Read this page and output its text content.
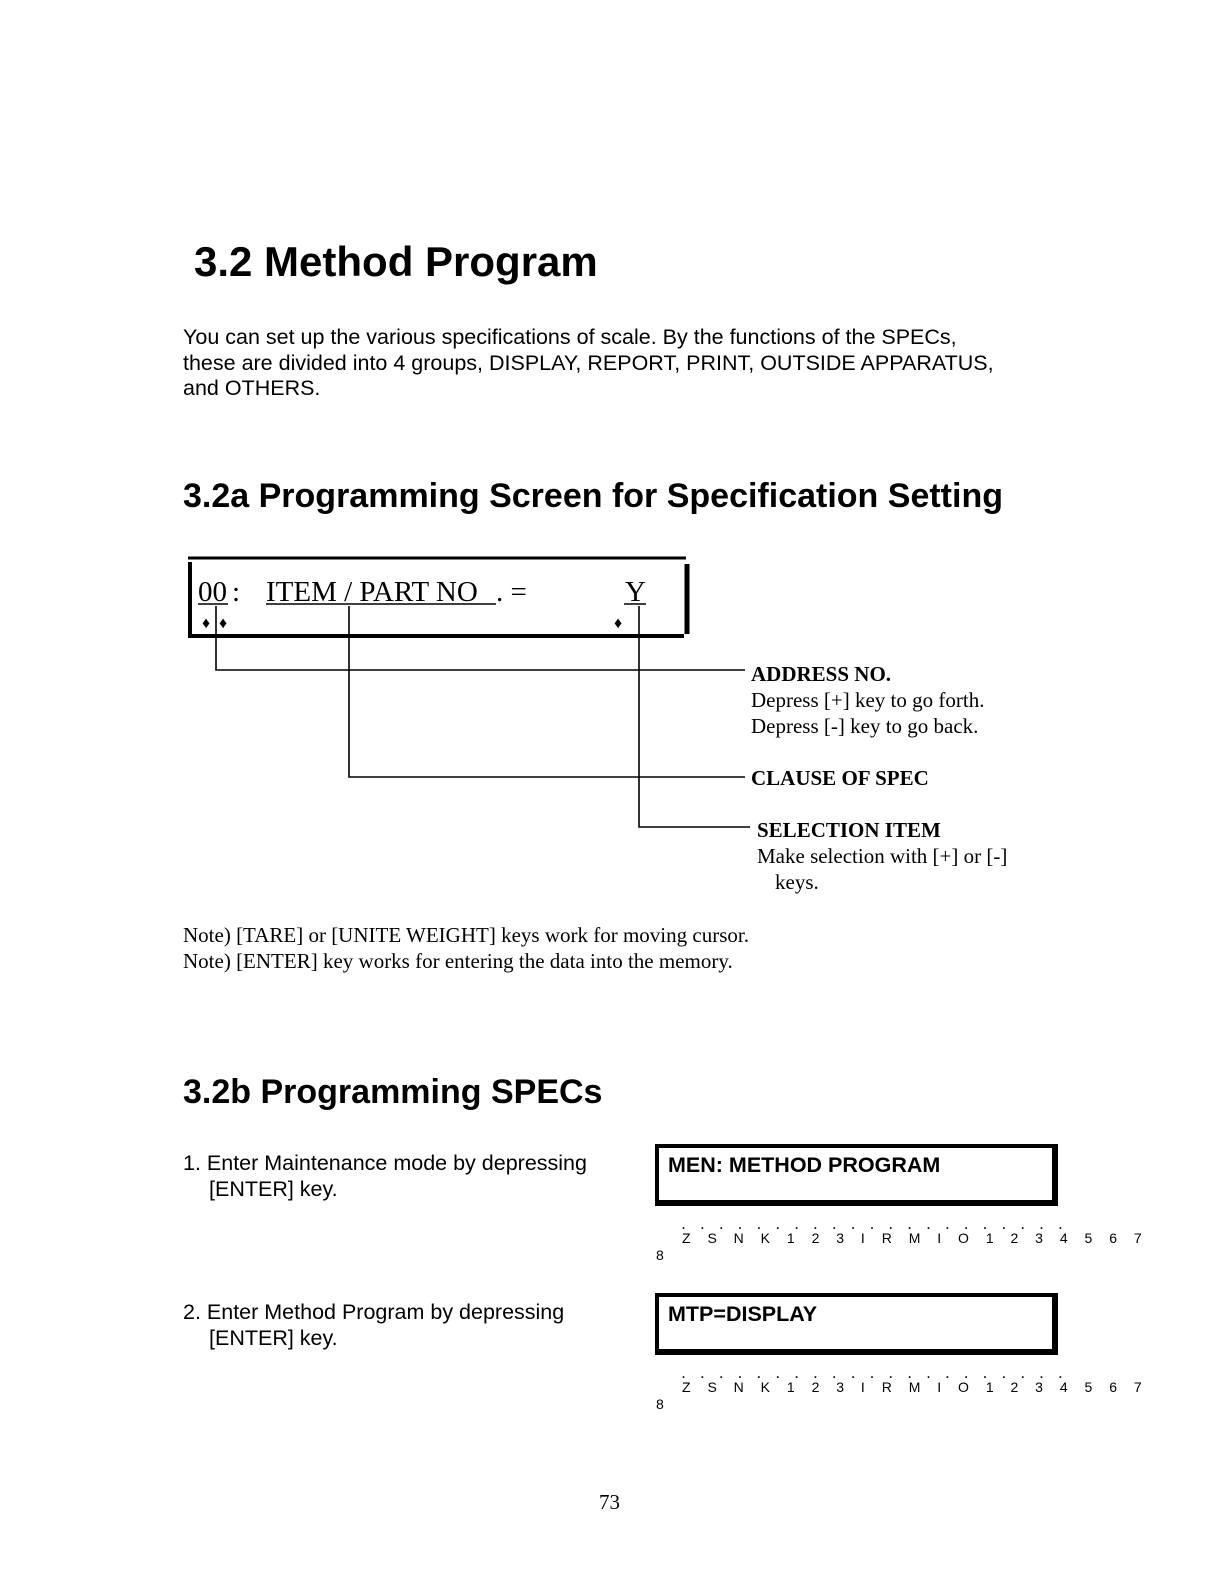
3.2 Method Program

You can set up the various specifications of scale. By the functions of the SPECs,
these are divided into 4 groups, DISPLAY, REPORT, PRINT, OUTSIDE APPARATUS,
and OTHERS.

3.2a Programming Screen for Specification Setting
00 : ITEM / PART NO . =	Y
♦ ♦	♦
ADDRESS NO.
Depress [+] key to go forth.
Depress [-] key to go back.
CLAUSE OF SPEC
SELECTION ITEM
Make selection with [+] or [-]
keys.

Note) [TARE] or [UNITE WEIGHT] keys work for moving cursor.
Note) [ENTER] key works for entering the data into the memory.

3.2b Programming SPECs

1. Enter Maintenance mode by depressing
[ENTER] key.

MEN: METHOD PROGRAM
. . . . . . . . . . . . . . . . . . . . .
Z S N K 1 2 3 I R M I O 1 2 3 4 5 6 7
8

2. Enter Method Program by depressing
[ENTER] key.

MTP=DISPLAY
. . . . . . . . . . . . . . . . . . . . .
Z S N K 1 2 3 I R M I O 1 2 3 4 5 6 7
8
73
